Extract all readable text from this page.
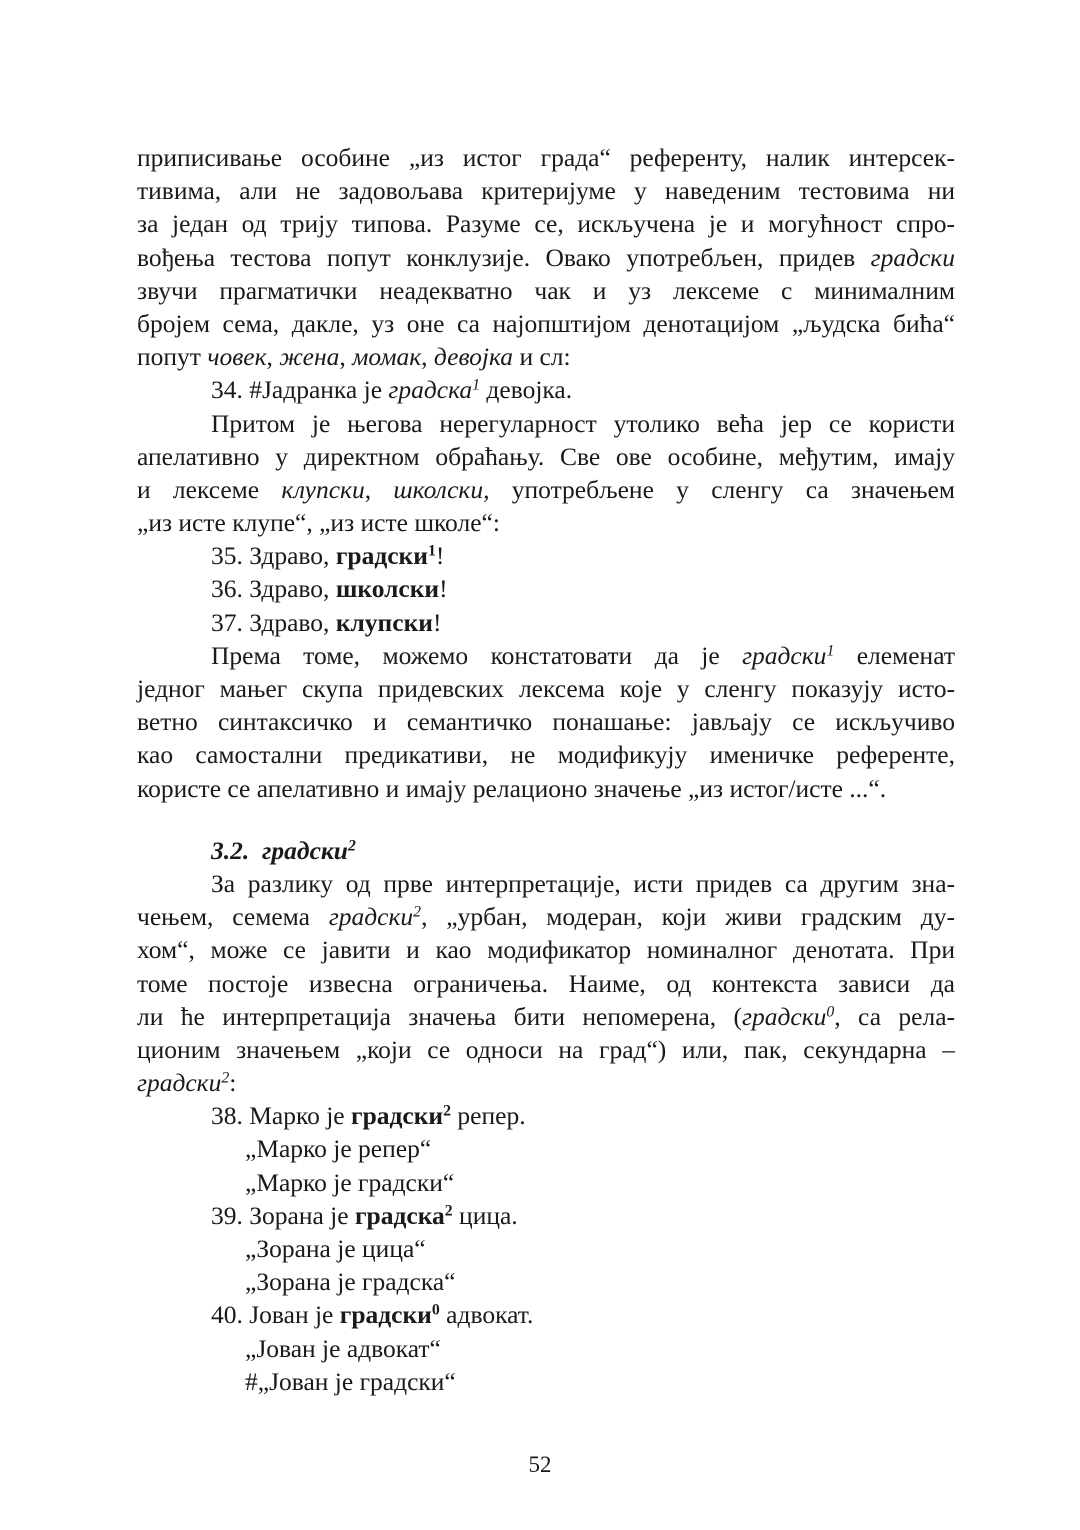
приписивање особине „из истог града“ референту, налик интерсек-
тивима, али не задовољава критеријуме у наведеним тестовима ни
за један од трију типова. Разуме се, искључена је и могућност спро-
вођења тестова попут конклузије. Овако употребљен, придев градски
звучи прагматички неадекватно чак и уз лексеме с минималним
бројем сема, дакле, уз оне са најопштијом денотацијом „људска бића“
попут човек, жена, момак, девојка и сл:
34. #Јадранка је градска$^1$ девојка.
Притом је његова нерегуларност утолико већа јер се користи
апелативно у директном обраћању. Све ове особине, међутим, имају
и лексеме клупски, школски, употребљене у сленгу са значењем
„из исте клупе“, „из исте школе“:
35. Здраво, градски$^1$!
36. Здраво, школски!
37. Здраво, клупски!
Према томе, можемо констатовати да је градски$^1$ елеменат
једног мањег скупа придевских лексема које у сленгу показују исто-
ветно синтаксичко и семантичко понашање: јављају се искључиво
као самостални предикативи, не модификују именичке референте,
користе се апелативно и имају релационо значење „из истог/исте ...“.
3.2. градски$^2$
За разлику од прве интерпретације, исти придев са другим зна-
чењем, семема градски$^2$, „урбан, модеран, који живи градским ду-
хом“, може се јавити и као модификатор номиналног денотата. При
томе постоје извесна ограничења. Наиме, од контекста зависи да
ли ће интерпретација значења бити непомерена, (градски$^0$, са рела-
ционим значењем „који се односи на град“) или, пак, секундарна –
градски$^2$:
38. Марко је градски$^2$ репер.
„Марко је репер“
„Марко је градски“
39. Зорана је градска$^2$ цица.
„Зорана је цица“
„Зорана је градска“
40. Јован је градски$^0$ адвокат.
„Јован је адвокат“
#„Јован је градски“
52
